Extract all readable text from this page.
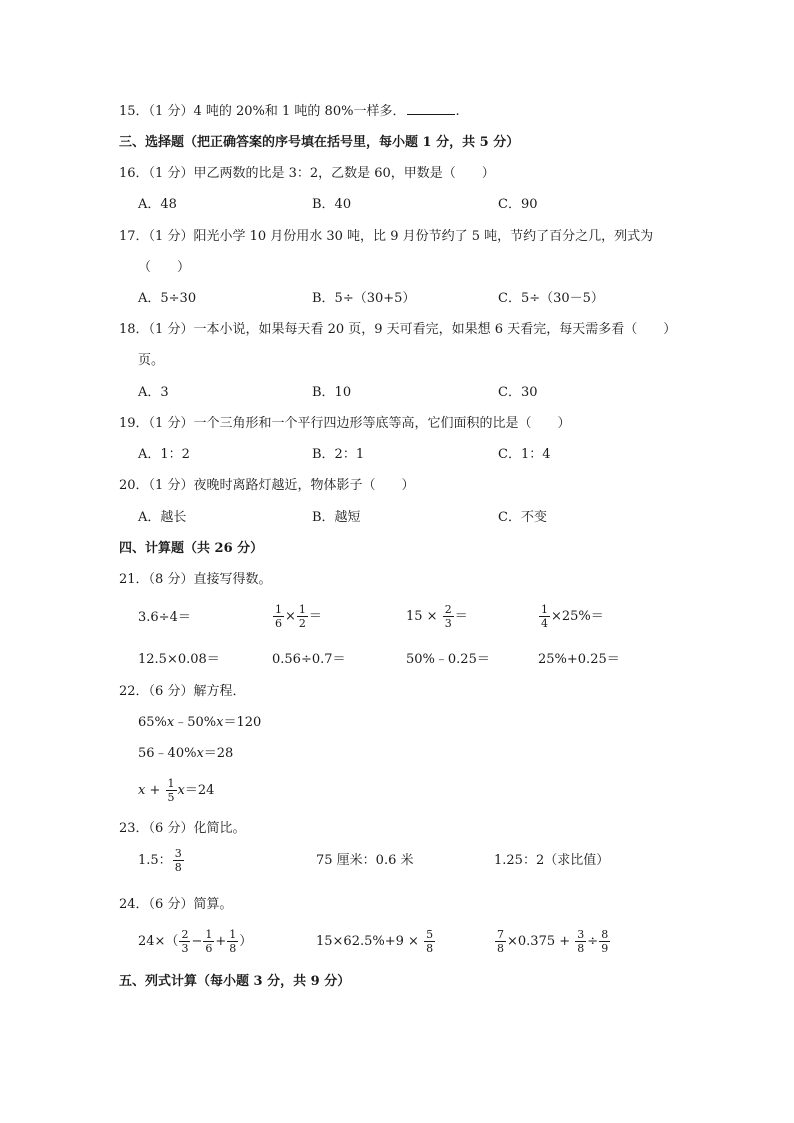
15．（1 分）4 吨的 20%和 1 吨的 80%一样多．	.
三、选择题（把正确答案的序号填在括号里，每小题 1 分，共 5 分）
16．（1 分）甲乙两数的比是 3：2，乙数是 60，甲数是（　　）
A．48	B．40	C．90
17．（1 分）阳光小学 10 月份用水 30 吨，比 9 月份节约了 5 吨，节约了百分之几，列式为
（　　）
A．5÷30	B．5÷（30+5）	C．5÷（30－5）
18．（1 分）一本小说，如果每天看 20 页，9 天可看完，如果想 6 天看完，每天需多看（　　）
页。
A．3	B．10	C．30
19．（1 分）一个三角形和一个平行四边形等底等高，它们面积的比是（　　）
A．1：2	B．2：1	C．1：4
20．（1 分）夜晚时离路灯越近，物体影子（　　）
A．越长	B．越短	C．不变
四、计算题（共 26 分）
21．（8 分）直接写得数。
3.6÷4＝	$\frac{1}{6} \times \frac{1}{2}$ ＝	$15 \times \frac{2}{3}$ ＝	$\frac{1}{4} \times 25\%=$
12.5×0.08＝	0.56÷0.7＝	50%﹣0.25＝	25%+0.25＝
22．（6 分）解方程．
65%x﹣50%x＝120
56﹣40%x＝28
$x + \frac{1}{5} x=24$
23．（6 分）化简比。
1.5： $\frac{3}{8}$	75 厘米：0.6 米	1.25：2（求比值）
24．（6 分）简算。
$24\times( \frac{2}{3} - \frac{1}{6} + \frac{1}{8}$ ）	$15\times 62.5\%+9 \times \frac{5}{8}$	$\frac{7}{8} \times 0.375 + \frac{3}{8} \div \frac{8}{9}$
五、列式计算（每小题 3 分，共 9 分）
